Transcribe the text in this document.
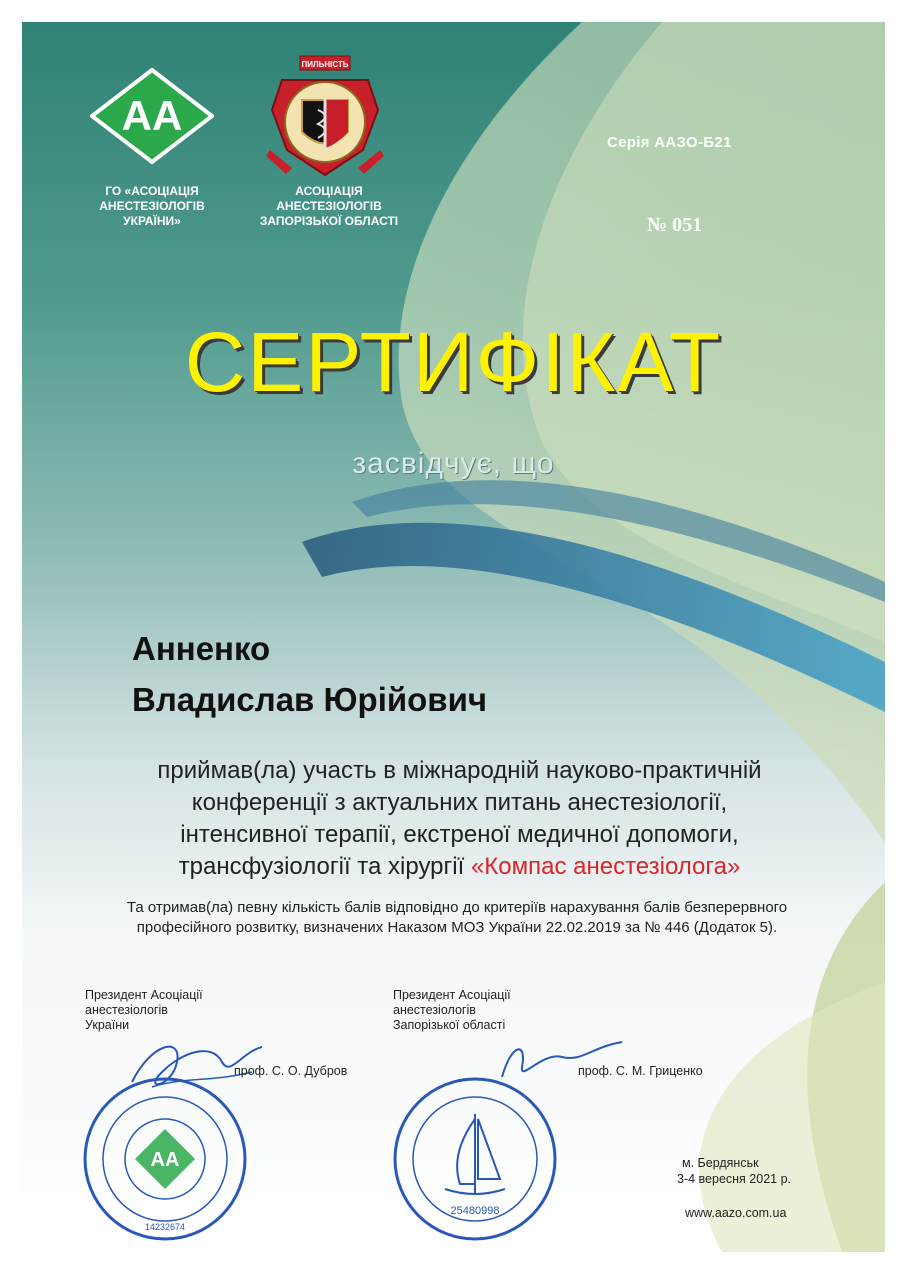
AA
ГО «АСОЦІАЦІЯ
АНЕСТЕЗІОЛОГІВ
УКРАЇНИ»
ПИЛЬНІСТЬ
АСОЦІАЦІЯ
АНЕСТЕЗІОЛОГІВ
ЗАПОРІЗЬКОЇ ОБЛАСТІ
Серія ААЗО-Б21
№ 051
СЕРТИФІКАТ
засвідчує, що
Анненко
Владислав Юрійович
приймав(ла) участь в міжнародній науково-практичній
конференції з актуальних питань анестезіології,
інтенсивної терапії, екстреної медичної допомоги,
трансфузіології та хірургії «Компас анестезіолога»
Та отримав(ла) певну кількість балів відповідно до критеріїв нарахування балів безперервного
професійного розвитку, визначених Наказом МОЗ України 22.02.2019 за № 446 (Додаток 5).
Президент Асоціації
анестезіологів
України
AA
14232674
проф. С. О. Дубров
Президент Асоціації
анестезіологів
Запорізької області
25480998
проф. С. М. Гриценко
м. Бердянськ
3-4 вересня 2021 р.
www.aazo.com.ua
